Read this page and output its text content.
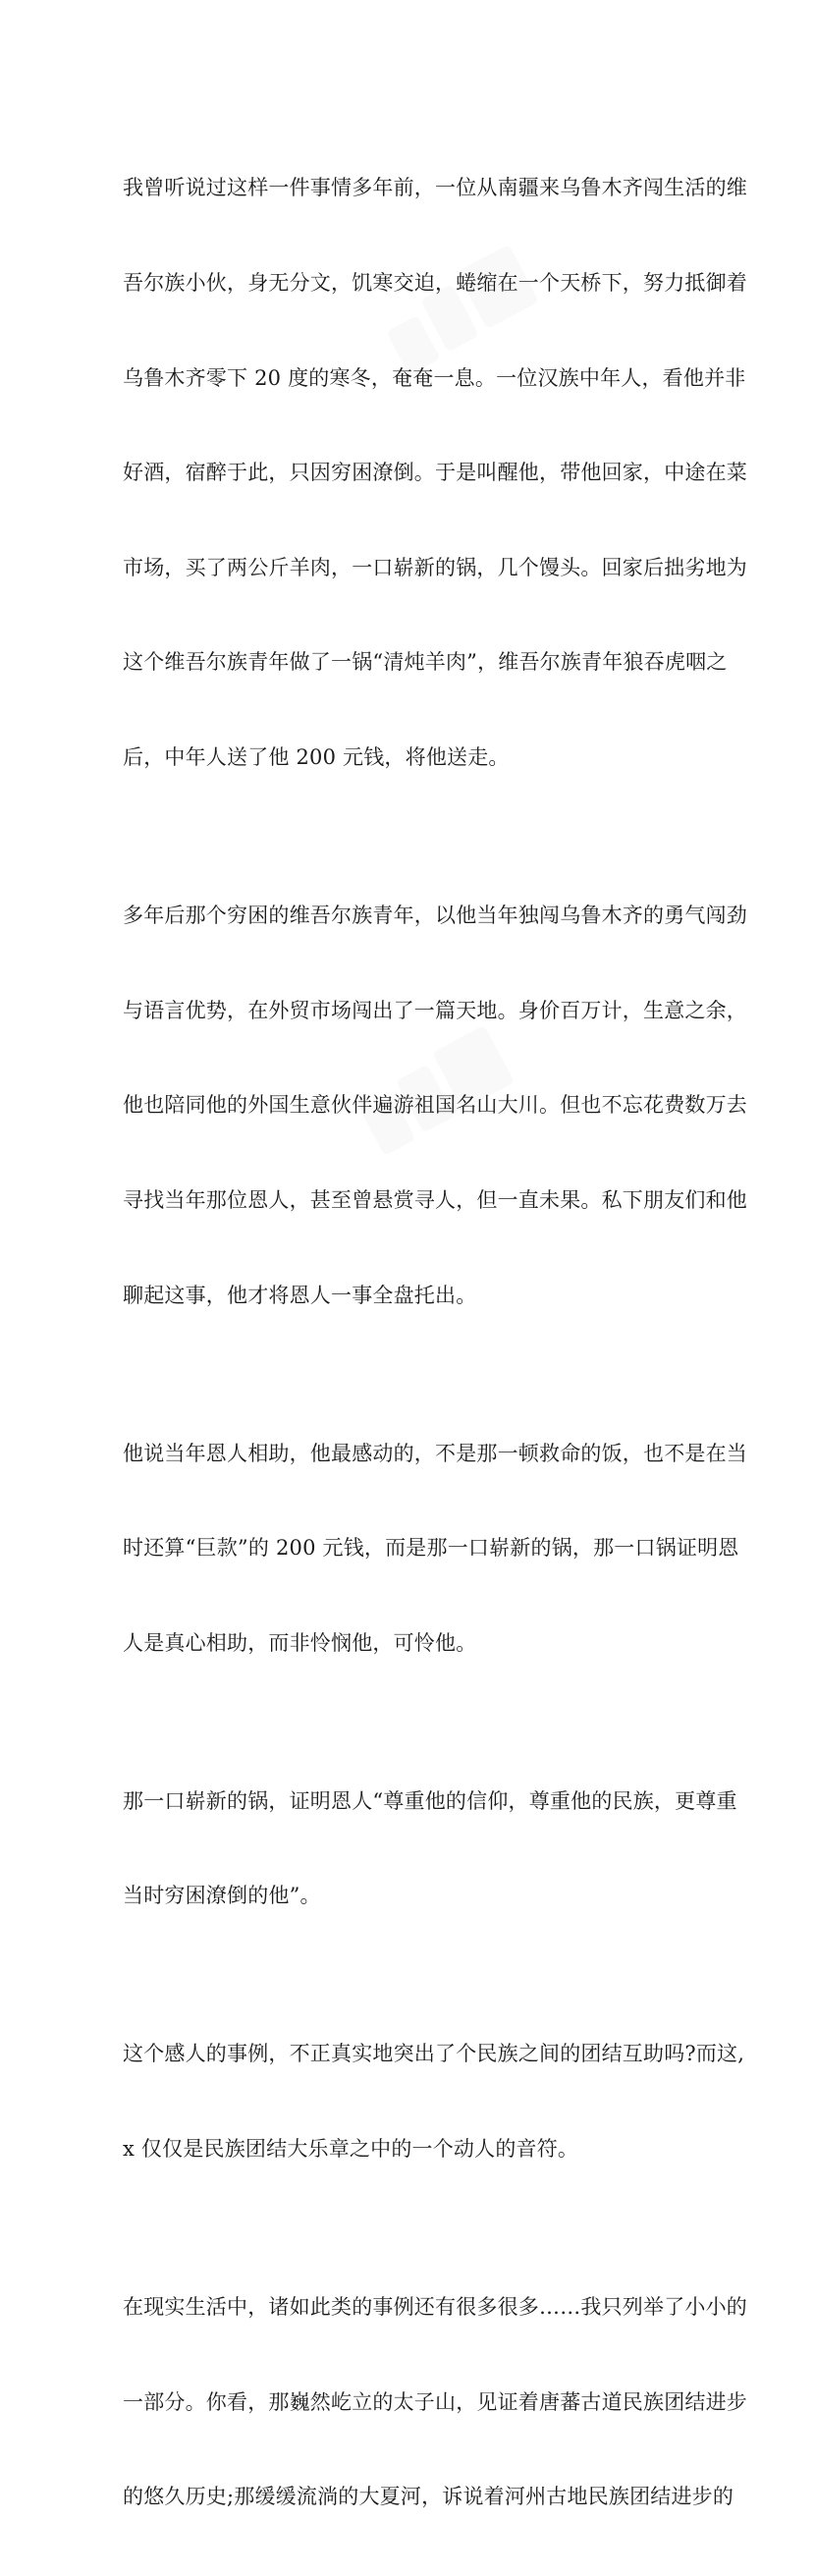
我曾听说过这样一件事情多年前，一位从南疆来乌鲁木齐闯生活的维

吾尔族小伙，身无分文，饥寒交迫，蜷缩在一个天桥下，努力抵御着

乌鲁木齐零下 20 度的寒冬，奄奄一息。一位汉族中年人，看他并非

好酒，宿醉于此，只因穷困潦倒。于是叫醒他，带他回家，中途在菜

市场，买了两公斤羊肉，一口崭新的锅，几个馒头。回家后拙劣地为

这个维吾尔族青年做了一锅“清炖羊肉”，维吾尔族青年狼吞虎咽之

后，中年人送了他 200 元钱，将他送走。

多年后那个穷困的维吾尔族青年，以他当年独闯乌鲁木齐的勇气闯劲

与语言优势，在外贸市场闯出了一篇天地。身价百万计，生意之余，

他也陪同他的外国生意伙伴遍游祖国名山大川。但也不忘花费数万去

寻找当年那位恩人，甚至曾悬赏寻人，但一直未果。私下朋友们和他

聊起这事，他才将恩人一事全盘托出。

他说当年恩人相助，他最感动的，不是那一顿救命的饭，也不是在当

时还算“巨款”的 200 元钱，而是那一口崭新的锅，那一口锅证明恩

人是真心相助，而非怜悯他，可怜他。

那一口崭新的锅，证明恩人“尊重他的信仰，尊重他的民族，更尊重

当时穷困潦倒的他”。

这个感人的事例，不正真实地突出了个民族之间的团结互助吗?而这,

x 仅仅是民族团结大乐章之中的一个动人的音符。

在现实生活中，诸如此类的事例还有很多很多……我只列举了小小的

一部分。你看，那巍然屹立的太子山，见证着唐蕃古道民族团结进步

的悠久历史;那缓缓流淌的大夏河，诉说着河州古地民族团结进步的
